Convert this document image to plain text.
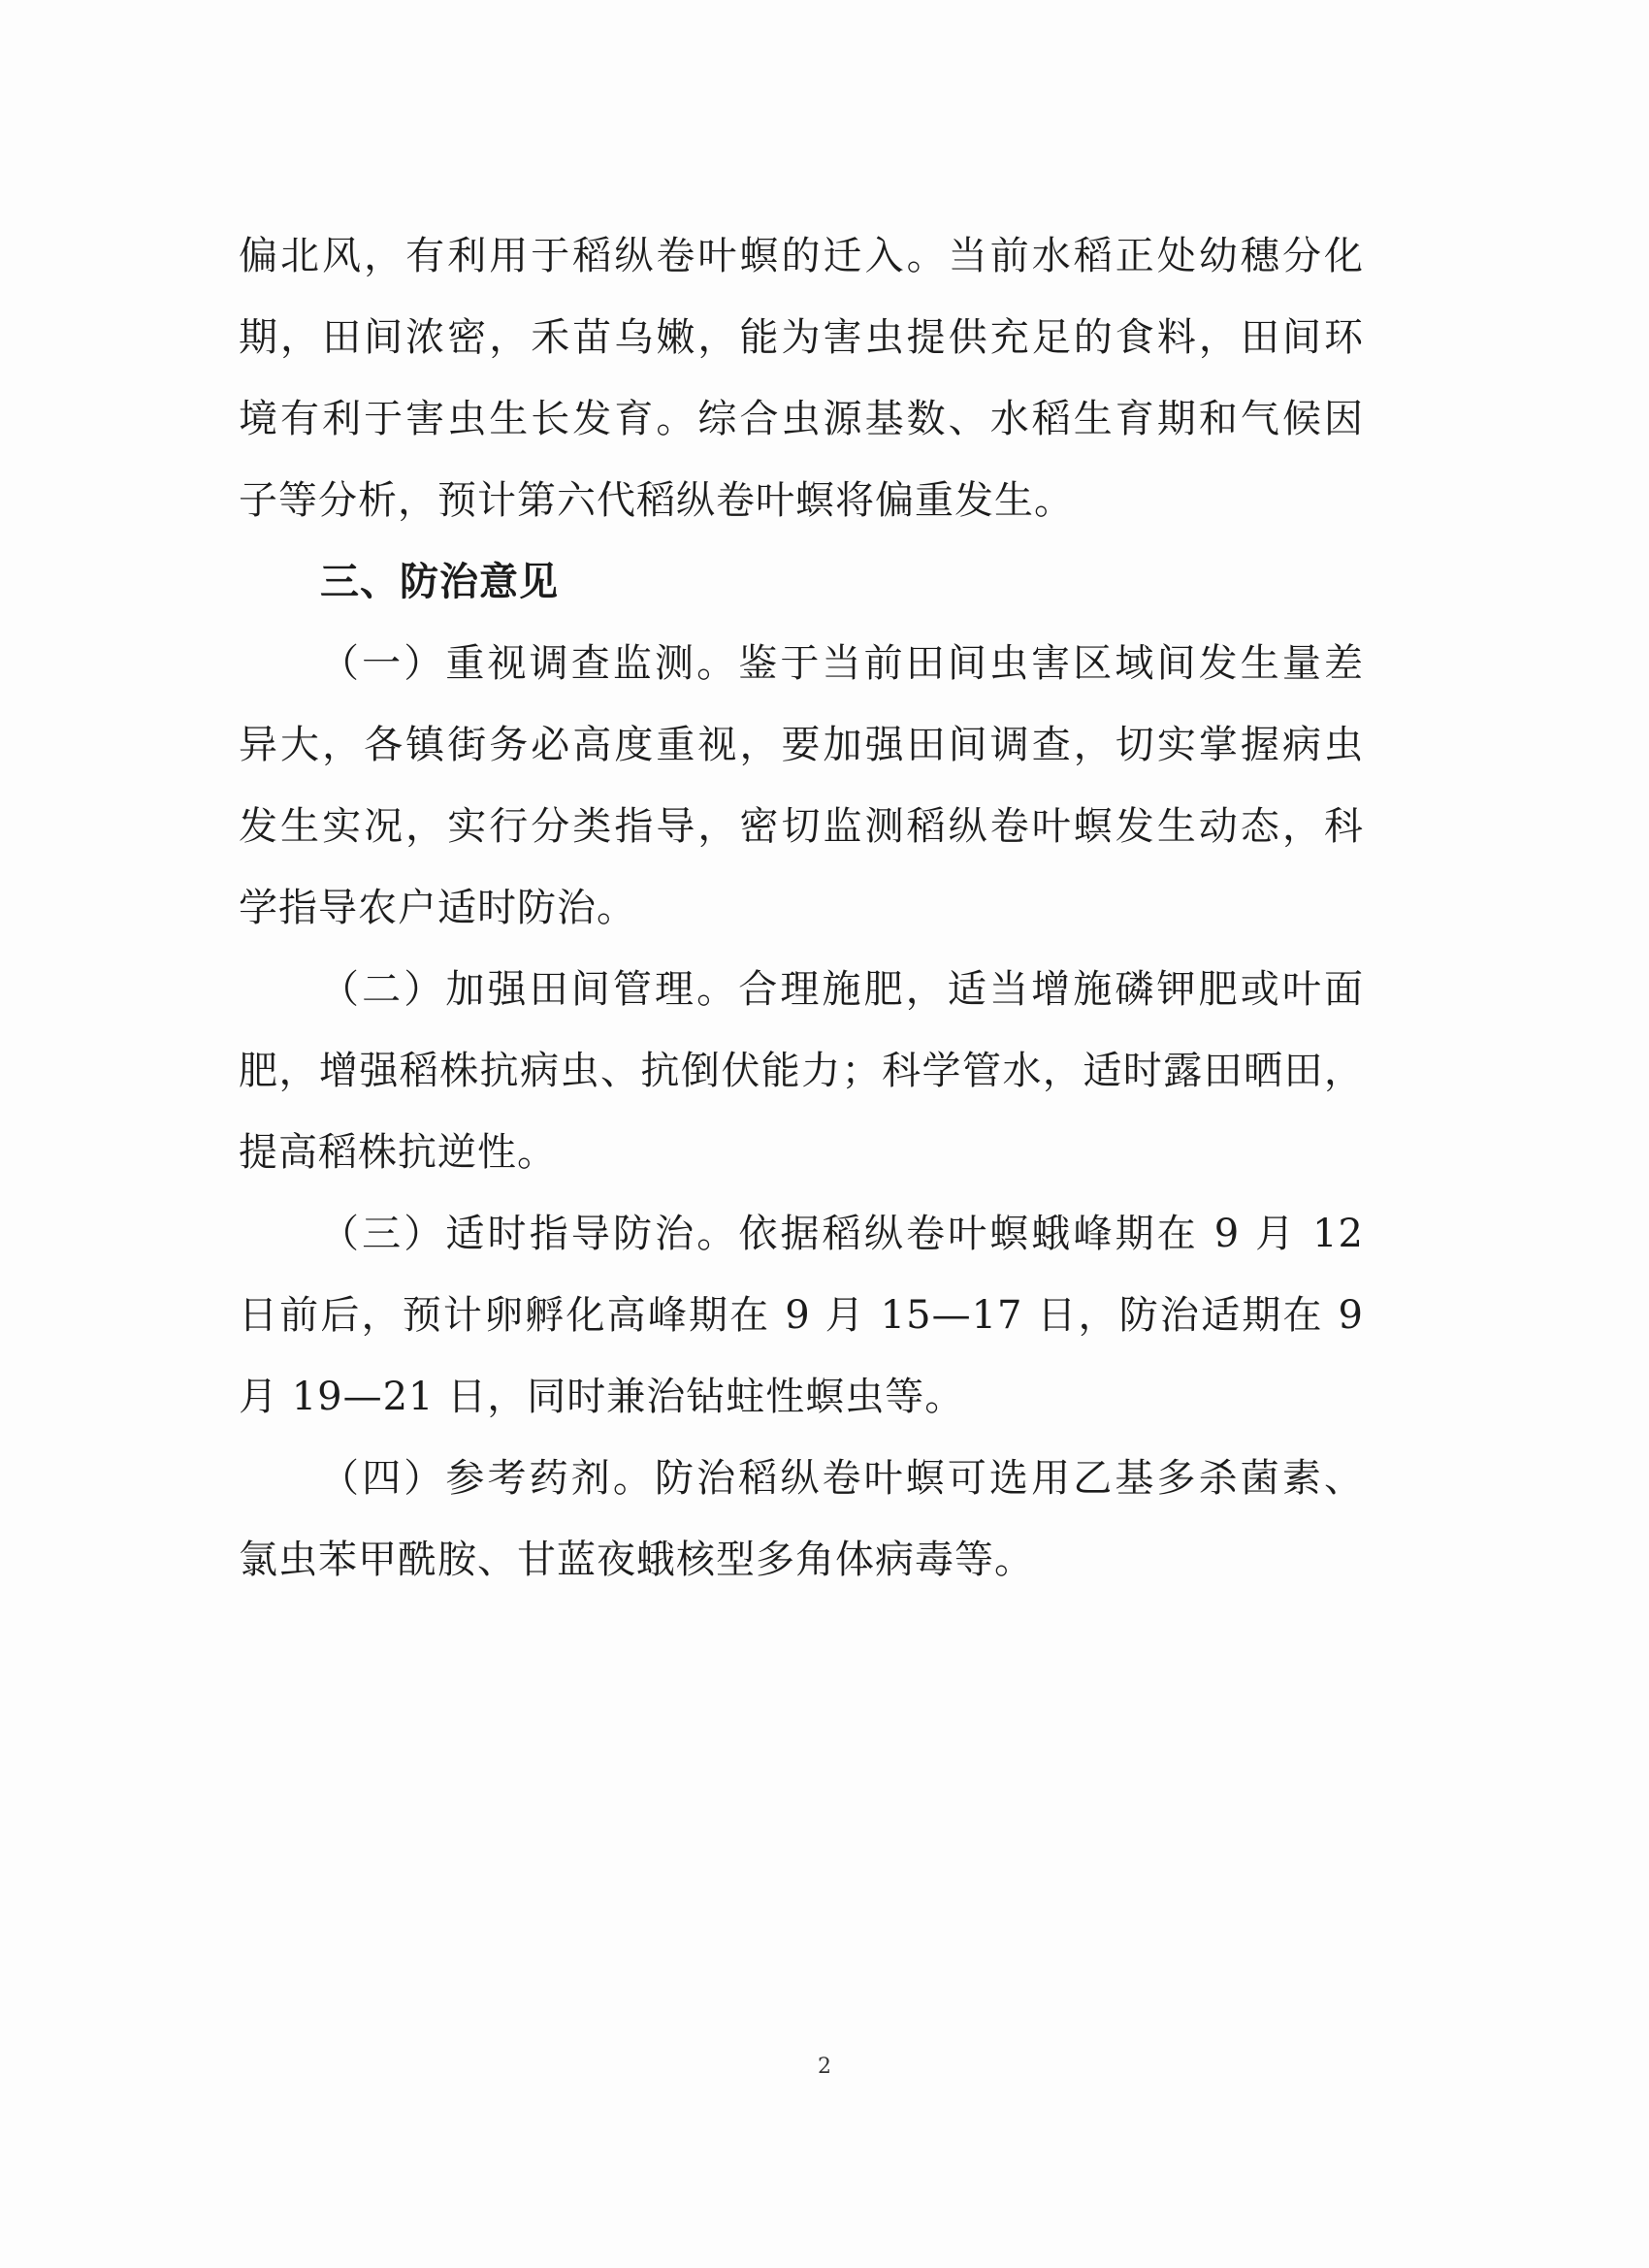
偏北风，有利用于稻纵卷叶螟的迁入。当前水稻正处幼穗分化
期，田间浓密，禾苗乌嫩，能为害虫提供充足的食料，田间环
境有利于害虫生长发育。综合虫源基数、水稻生育期和气候因
子等分析，预计第六代稻纵卷叶螟将偏重发生。
三、防治意见
（一）重视调查监测。鉴于当前田间虫害区域间发生量差
异大，各镇街务必高度重视，要加强田间调查，切实掌握病虫
发生实况，实行分类指导，密切监测稻纵卷叶螟发生动态，科
学指导农户适时防治。
（二）加强田间管理。合理施肥，适当增施磷钾肥或叶面
肥，增强稻株抗病虫、抗倒伏能力；科学管水，适时露田晒田，
提高稻株抗逆性。
（三）适时指导防治。依据稻纵卷叶螟蛾峰期在 9 月 12
日前后，预计卵孵化高峰期在 9 月 15—17 日，防治适期在 9
月 19—21 日，同时兼治钻蛀性螟虫等。
（四）参考药剂。防治稻纵卷叶螟可选用乙基多杀菌素、
氯虫苯甲酰胺、甘蓝夜蛾核型多角体病毒等。
2
